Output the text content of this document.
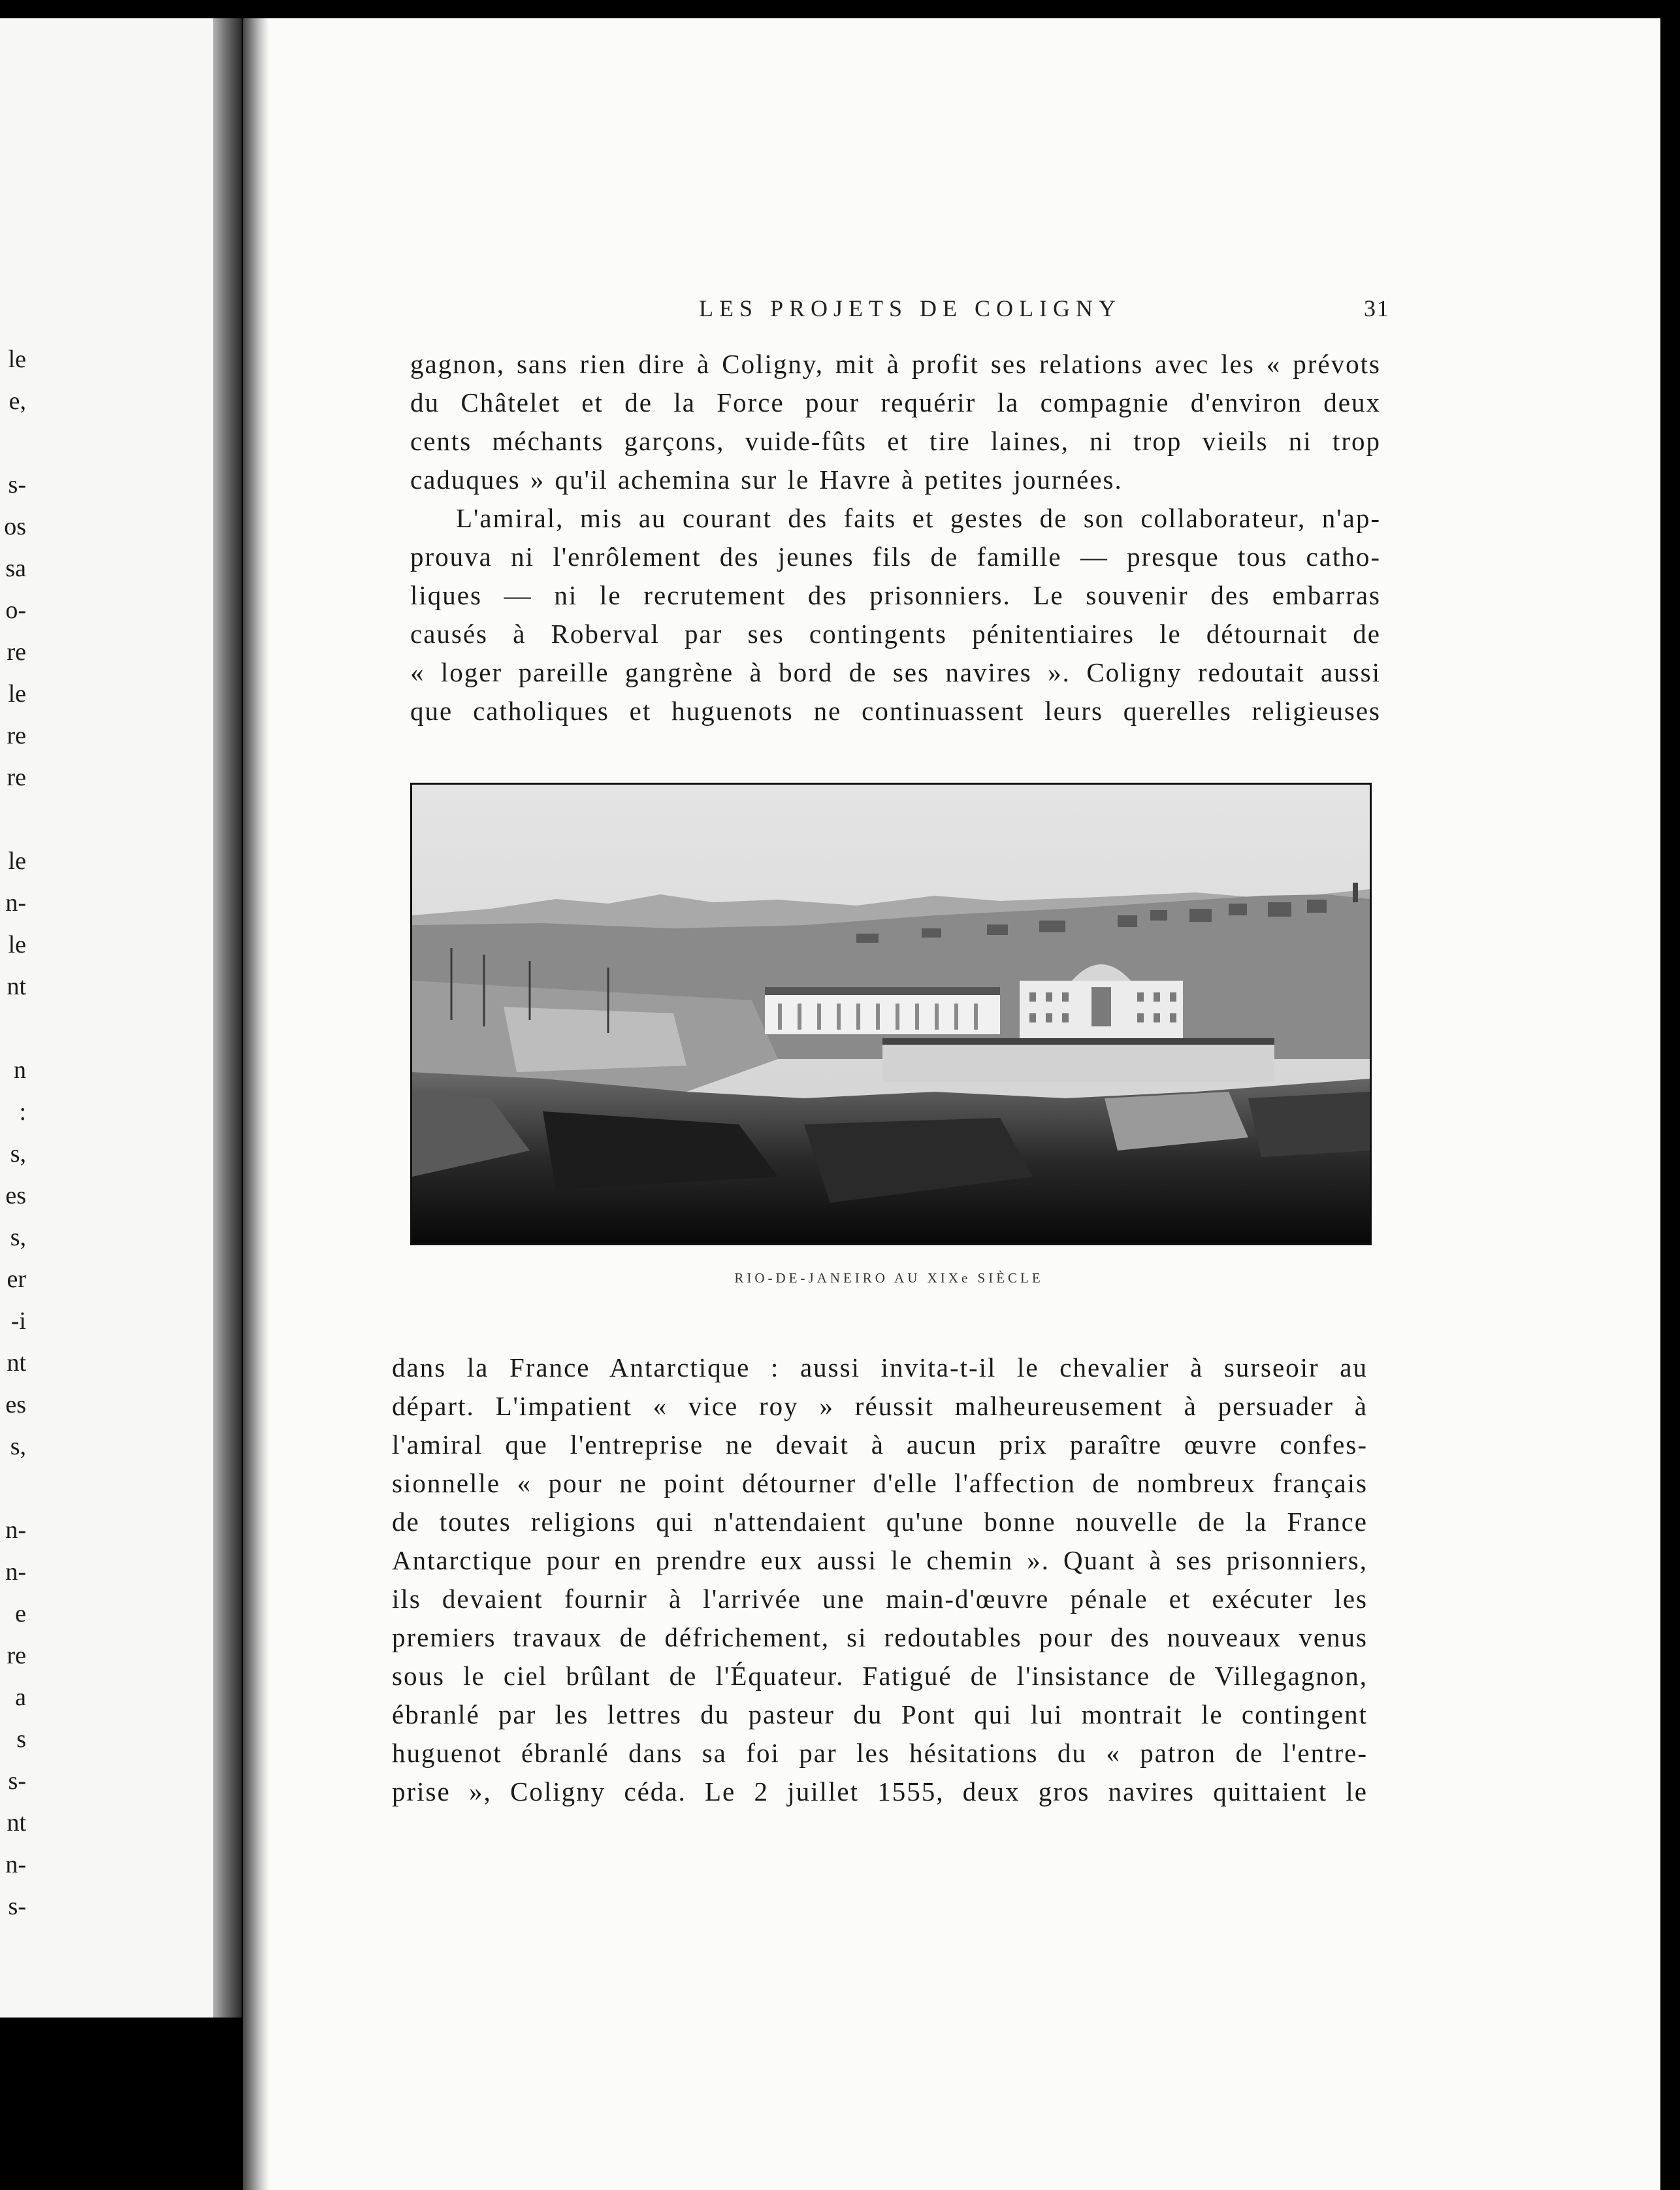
le
e,
s-
os
sa
o-
re
le
re
re
le
n-
le
nt
n
:
s,
es
s,
er
-i
nt
es
s,
n-
n-
e
re
a
s
s-
nt
n-
s-
LES PROJETS DE COLIGNY	31
gagnon, sans rien dire à Coligny, mit à profit ses relations avec les « prévots
du Châtelet et de la Force pour requérir la compagnie d'environ deux
cents méchants garçons, vuide-fûts et tire laines, ni trop vieils ni trop
caduques » qu'il achemina sur le Havre à petites journées.
L'amiral, mis au courant des faits et gestes de son collaborateur, n'ap-
prouva ni l'enrôlement des jeunes fils de famille — presque tous catho-
liques — ni le recrutement des prisonniers. Le souvenir des embarras
causés à Roberval par ses contingents pénitentiaires le détournait de
« loger pareille gangrène à bord de ses navires ». Coligny redoutait aussi
que catholiques et huguenots ne continuassent leurs querelles religieuses
RIO-DE-JANEIRO AU XIXe SIÈCLE
dans la France Antarctique : aussi invita-t-il le chevalier à surseoir au
départ. L'impatient « vice roy » réussit malheureusement à persuader à
l'amiral que l'entreprise ne devait à aucun prix paraître œuvre confes-
sionnelle « pour ne point détourner d'elle l'affection de nombreux français
de toutes religions qui n'attendaient qu'une bonne nouvelle de la France
Antarctique pour en prendre eux aussi le chemin ». Quant à ses prisonniers,
ils devaient fournir à l'arrivée une main-d'œuvre pénale et exécuter les
premiers travaux de défrichement, si redoutables pour des nouveaux venus
sous le ciel brûlant de l'Équateur. Fatigué de l'insistance de Villegagnon,
ébranlé par les lettres du pasteur du Pont qui lui montrait le contingent
huguenot ébranlé dans sa foi par les hésitations du « patron de l'entre-
prise », Coligny céda. Le 2 juillet 1555, deux gros navires quittaient le
